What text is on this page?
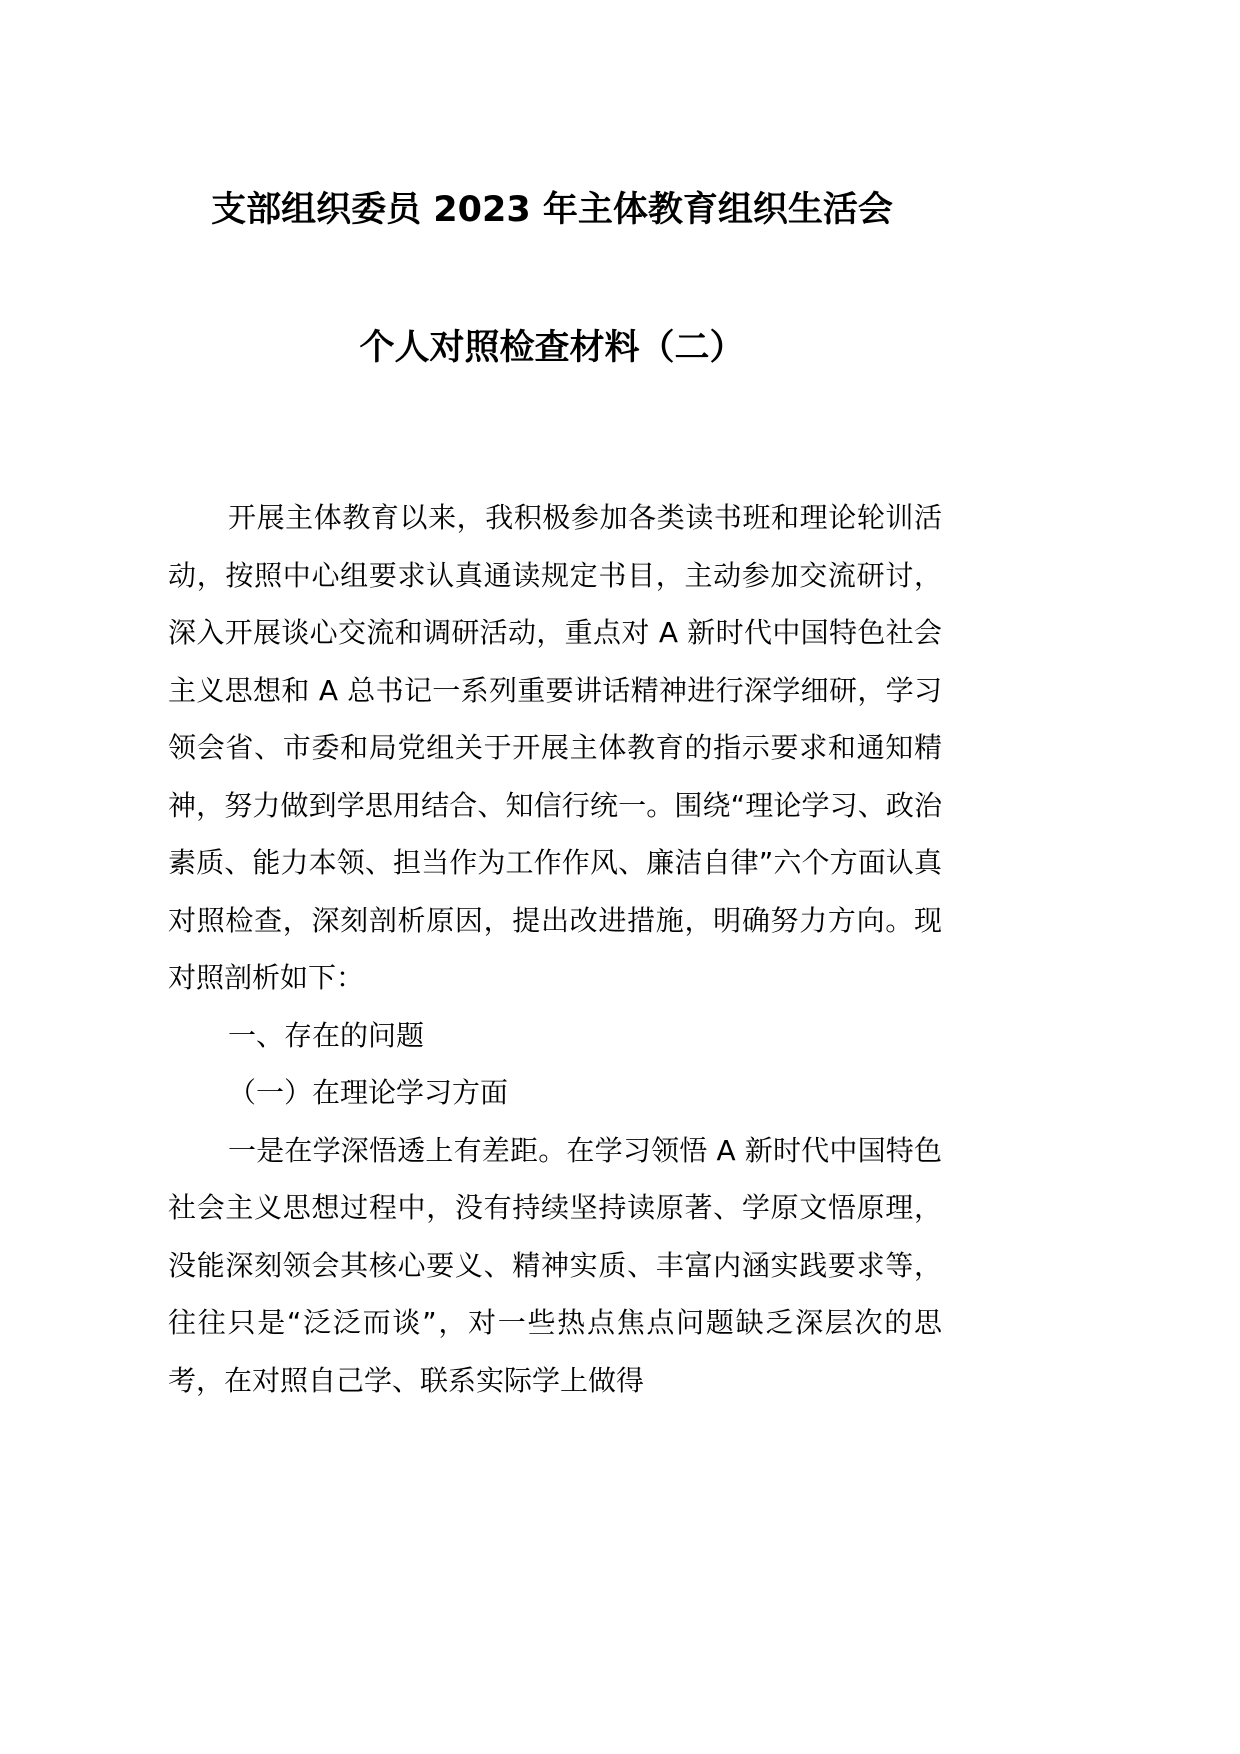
支部组织委员 2023 年主体教育组织生活会
个人对照检查材料（二）

开展主体教育以来，我积极参加各类读书班和理论轮训活动，按照中心组要求认真通读规定书目，主动参加交流研讨，深入开展谈心交流和调研活动，重点对 A 新时代中国特色社会主义思想和 A 总书记一系列重要讲话精神进行深学细研，学习领会省、市委和局党组关于开展主体教育的指示要求和通知精神，努力做到学思用结合、知信行统一。围绕“理论学习、政治素质、能力本领、担当作为工作作风、廉洁自律”六个方面认真对照检查，深刻剖析原因，提出改进措施，明确努力方向。现对照剖析如下：

一、存在的问题

（一）在理论学习方面

一是在学深悟透上有差距。在学习领悟 A 新时代中国特色社会主义思想过程中，没有持续坚持读原著、学原文悟原理，没能深刻领会其核心要义、精神实质、丰富内涵实践要求等，往往只是“泛泛而谈”，对一些热点焦点问题缺乏深层次的思考，在对照自己学、联系实际学上做得
